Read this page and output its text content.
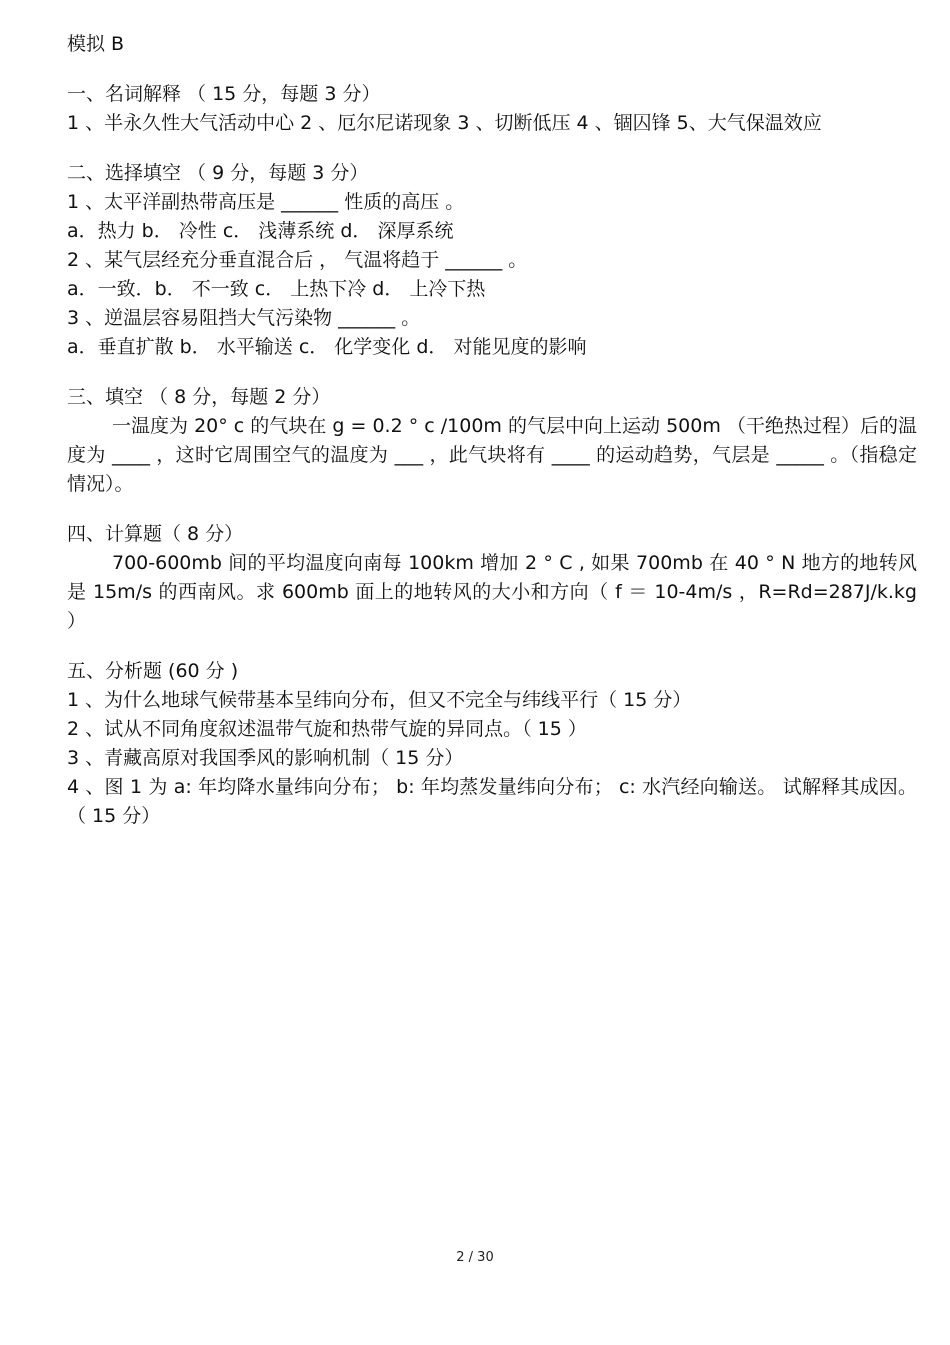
模拟 B
一、名词解释 （ 15 分，每题 3 分）
1 、半永久性大气活动中心 2 、厄尔尼诺现象 3 、切断低压 4 、锢囚锋 5、大气保温效应
二、选择填空 （ 9 分，每题 3 分）
1 、太平洋副热带高压是 ______ 性质的高压 。
a．热力 b． 冷性 c． 浅薄系统 d． 深厚系统
2 、某气层经充分垂直混合后 ， 气温将趋于 ______ 。
a．一致．b． 不一致 c． 上热下冷 d． 上冷下热
3 、逆温层容易阻挡大气污染物 ______ 。
a．垂直扩散 b． 水平输送 c． 化学变化 d． 对能见度的影响
三、填空 （ 8 分，每题 2 分）
一温度为 20° c 的气块在 g = 0.2 ° c /100m 的气层中向上运动 500m （干绝热过程）后的温度为 ____ ，这时它周围空气的温度为 ___ ，此气块将有 ____ 的运动趋势，气层是 _____ 。（指稳定情况）。
四、计算题（ 8 分）
700-600mb 间的平均温度向南每 100km 增加 2 ° C , 如果 700mb 在 40 ° N 地方的地转风是 15m/s 的西南风。求 600mb 面上的地转风的大小和方向（ f ＝ 10-4m/s ，R=Rd=287J/k.kg ）
五、分析题 (60 分 )
1 、为什么地球气候带基本呈纬向分布，但又不完全与纬线平行（ 15 分）
2 、试从不同角度叙述温带气旋和热带气旋的异同点。（ 15 ）
3 、青藏高原对我国季风的影响机制（ 15 分）
4 、图 1 为 a: 年均降水量纬向分布； b: 年均蒸发量纬向分布； c: 水汽经向输送。 试解释其成因。（ 15 分）
2 / 30
